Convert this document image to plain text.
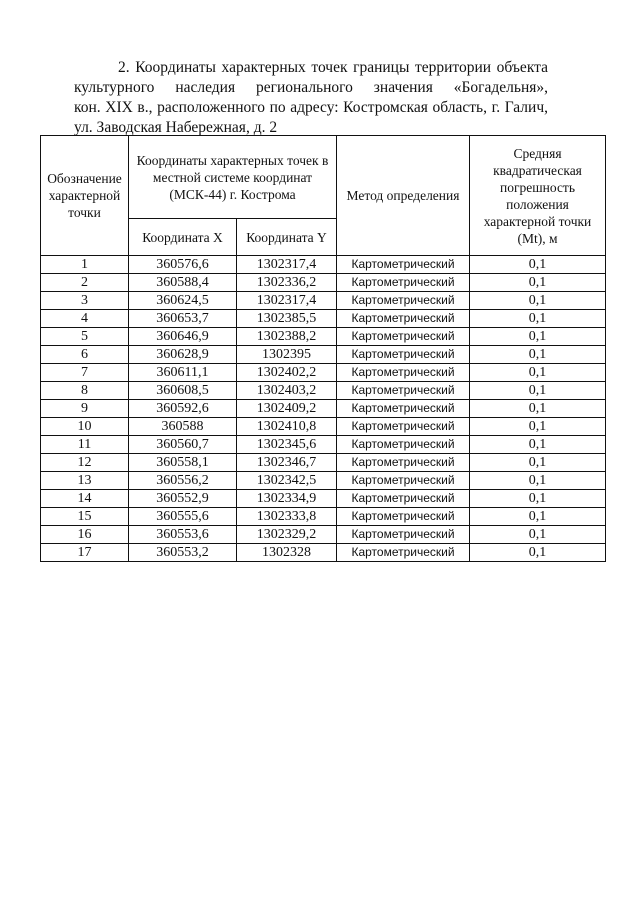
2. Координаты характерных точек границы территории объекта
культурного наследия регионального значения «Богадельня»,
кон. XIX в., расположенного по адресу: Костромская область, г. Галич,
ул. Заводская Набережная, д. 2
Обозначение характерной точки	Координаты характерных точек в местной системе координат (МСК-44) г. Кострома		Метод определения	Средняя квадратическая погрешность положения характерной точки (Mt), м
	Координата X	Координата Y		
1	360576,6	1302317,4	Картометрический	0,1
2	360588,4	1302336,2	Картометрический	0,1
3	360624,5	1302317,4	Картометрический	0,1
4	360653,7	1302385,5	Картометрический	0,1
5	360646,9	1302388,2	Картометрический	0,1
6	360628,9	1302395	Картометрический	0,1
7	360611,1	1302402,2	Картометрический	0,1
8	360608,5	1302403,2	Картометрический	0,1
9	360592,6	1302409,2	Картометрический	0,1
10	360588	1302410,8	Картометрический	0,1
11	360560,7	1302345,6	Картометрический	0,1
12	360558,1	1302346,7	Картометрический	0,1
13	360556,2	1302342,5	Картометрический	0,1
14	360552,9	1302334,9	Картометрический	0,1
15	360555,6	1302333,8	Картометрический	0,1
16	360553,6	1302329,2	Картометрический	0,1
17	360553,2	1302328	Картометрический	0,1
